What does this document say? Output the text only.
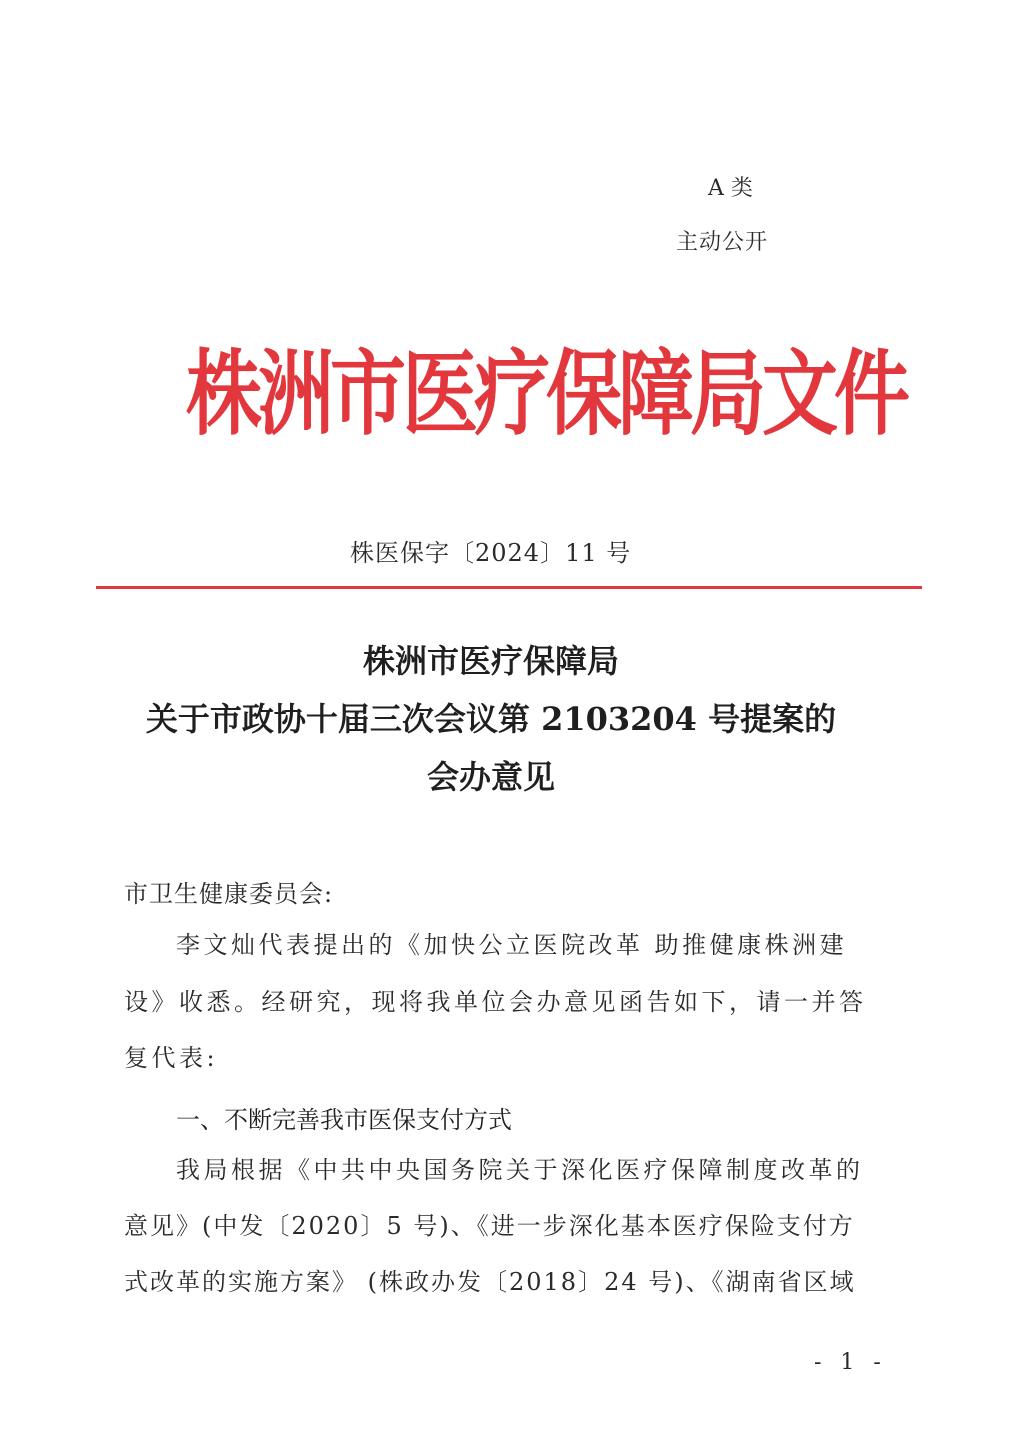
A 类
主动公开
株洲市医疗保障局文件
株医保字〔2024〕11 号
株洲市医疗保障局
关于市政协十届三次会议第 2103204 号提案的
会办意见
市卫生健康委员会:
李文灿代表提出的《加快公立医院改革 助推健康株洲建
设》收悉。经研究，现将我单位会办意见函告如下，请一并答
复代表:
一、不断完善我市医保支付方式
我局根据《中共中央国务院关于深化医疗保障制度改革的
意见》(中发〔2020〕5 号)、《进一步深化基本医疗保险支付方
式改革的实施方案》 (株政办发〔2018〕24 号)、《湖南省区域
- 1 -
